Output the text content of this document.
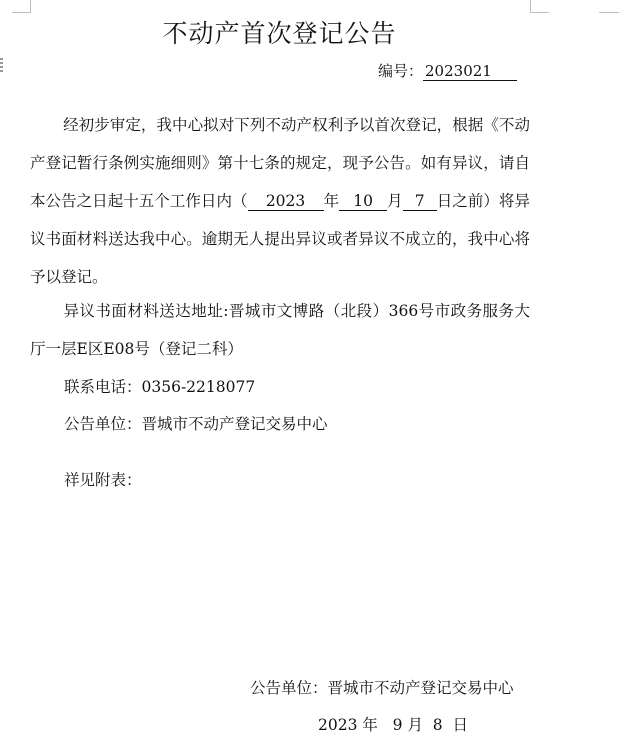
不动产首次登记公告
编号： 2023021
经初步审定，我中心拟对下列不动产权利予以首次登记，根据《不动产登记暂行条例实施细则》第十七条的规定，现予公告。如有异议，请自本公告之日起十五个工作日内（ 2023 年 10 月 7 日之前）将异议书面材料送达我中心。逾期无人提出异议或者异议不成立的，我中心将予以登记。
异议书面材料送达地址:晋城市文博路（北段）366号市政务服务大厅一层E区E08号（登记二科）
联系电话：0356-2218077
公告单位：晋城市不动产登记交易中心
祥见附表：
公告单位：晋城市不动产登记交易中心
2023 年   9 月  8  日
